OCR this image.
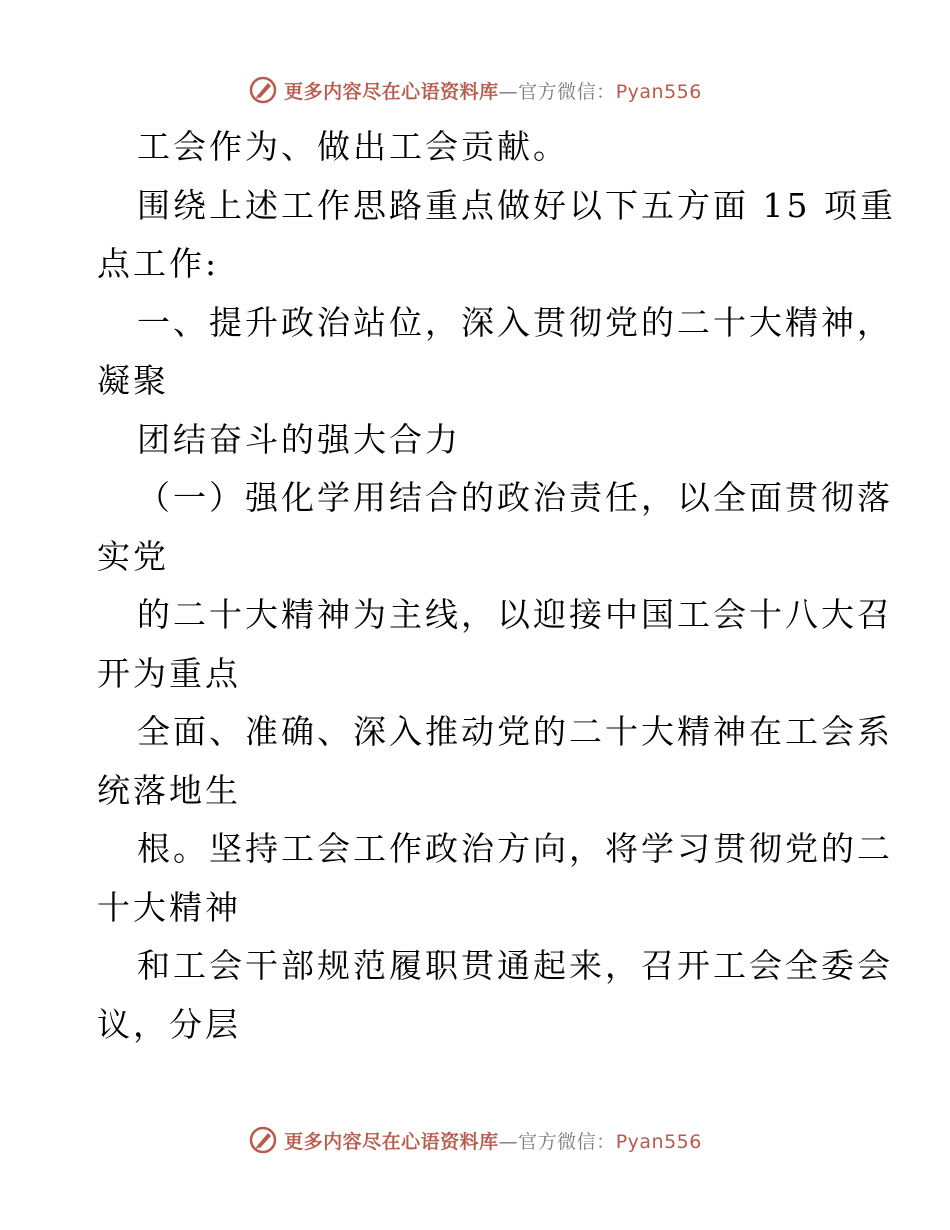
更多内容尽在心语资料库—官方微信：Pyan556
工会作为、做出工会贡献。
围绕上述工作思路重点做好以下五方面 15 项重
点工作:
一、提升政治站位，深入贯彻党的二十大精神，
凝聚
团结奋斗的强大合力
（一）强化学用结合的政治责任，以全面贯彻落
实党
的二十大精神为主线，以迎接中国工会十八大召
开为重点
全面、准确、深入推动党的二十大精神在工会系
统落地生
根。坚持工会工作政治方向，将学习贯彻党的二
十大精神
和工会干部规范履职贯通起来，召开工会全委会
议，分层
更多内容尽在心语资料库—官方微信：Pyan556
